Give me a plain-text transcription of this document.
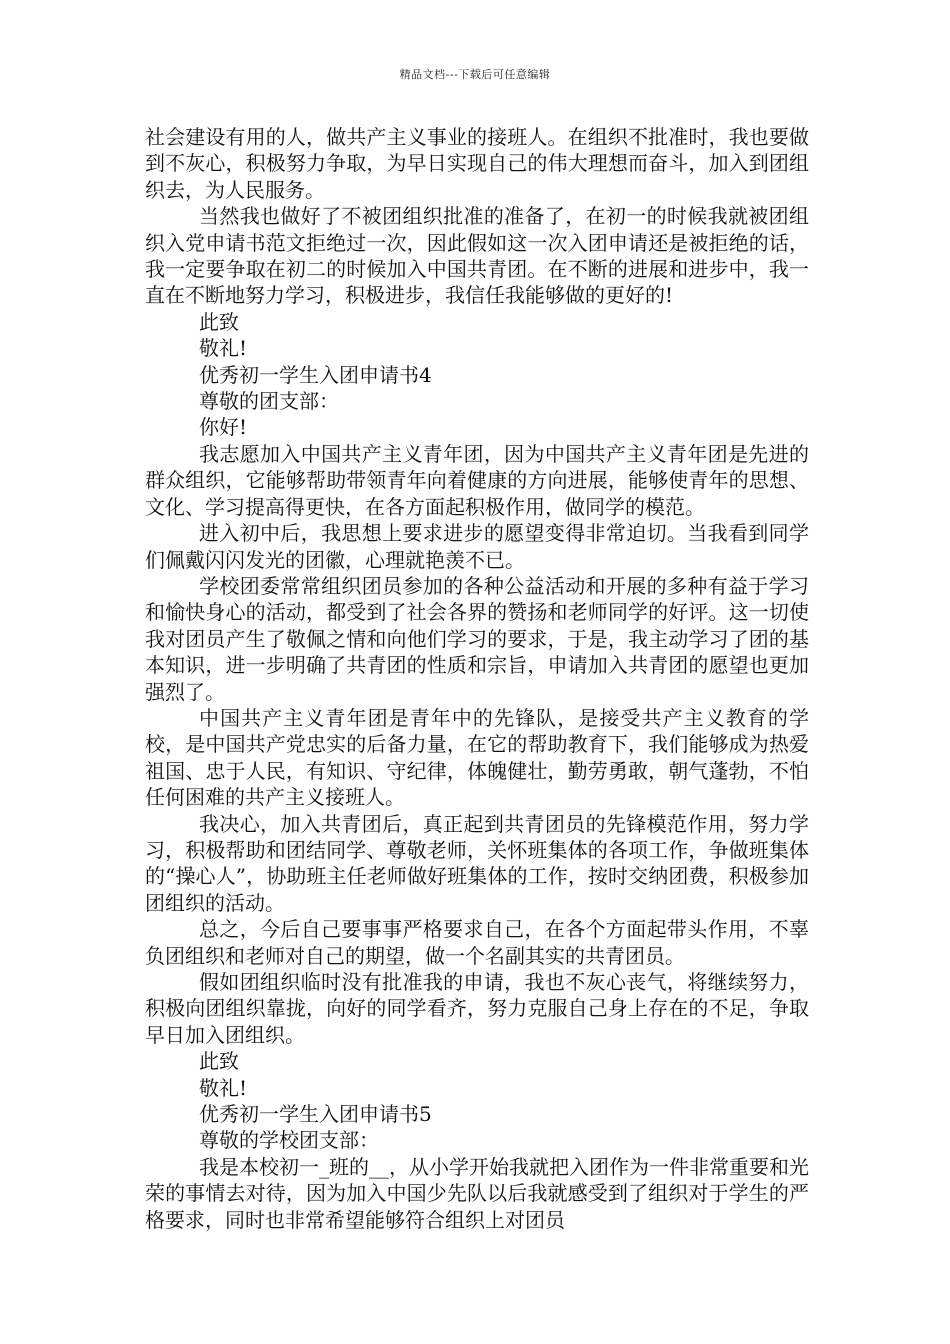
精品文档---下载后可任意编辑

社会建设有用的人，做共产主义事业的接班人。在组织不批准时，我也要做到不灰心，积极努力争取，为早日实现自己的伟大理想而奋斗，加入到团组织去，为人民服务。

当然我也做好了不被团组织批准的准备了，在初一的时候我就被团组织入党申请书范文拒绝过一次，因此假如这一次入团申请还是被拒绝的话，我一定要争取在初二的时候加入中国共青团。在不断的进展和进步中，我一直在不断地努力学习，积极进步，我信任我能够做的更好的!

此致

敬礼!

优秀初一学生入团申请书4

尊敬的团支部：

你好!

我志愿加入中国共产主义青年团，因为中国共产主义青年团是先进的群众组织，它能够帮助带领青年向着健康的方向进展，能够使青年的思想、文化、学习提高得更快，在各方面起积极作用，做同学的模范。

进入初中后，我思想上要求进步的愿望变得非常迫切。当我看到同学们佩戴闪闪发光的团徽，心理就艳羡不已。

学校团委常常组织团员参加的各种公益活动和开展的多种有益于学习和愉快身心的活动，都受到了社会各界的赞扬和老师同学的好评。这一切使我对团员产生了敬佩之情和向他们学习的要求，于是，我主动学习了团的基本知识，进一步明确了共青团的性质和宗旨，申请加入共青团的愿望也更加强烈了。

中国共产主义青年团是青年中的先锋队，是接受共产主义教育的学校，是中国共产党忠实的后备力量，在它的帮助教育下，我们能够成为热爱祖国、忠于人民，有知识、守纪律，体魄健壮，勤劳勇敢，朝气蓬勃，不怕任何困难的共产主义接班人。

我决心，加入共青团后，真正起到共青团员的先锋模范作用，努力学习，积极帮助和团结同学、尊敬老师，关怀班集体的各项工作，争做班集体的“操心人”，协助班主任老师做好班集体的工作，按时交纳团费，积极参加团组织的活动。

总之，今后自己要事事严格要求自己，在各个方面起带头作用，不辜负团组织和老师对自己的期望，做一个名副其实的共青团员。

假如团组织临时没有批准我的申请，我也不灰心丧气，将继续努力，积极向团组织靠拢，向好的同学看齐，努力克服自己身上存在的不足，争取早日加入团组织。

此致

敬礼!

优秀初一学生入团申请书5

尊敬的学校团支部：

我是本校初一_班的__，从小学开始我就把入团作为一件非常重要和光荣的事情去对待，因为加入中国少先队以后我就感受到了组织对于学生的严格要求，同时也非常希望能够符合组织上对团员
